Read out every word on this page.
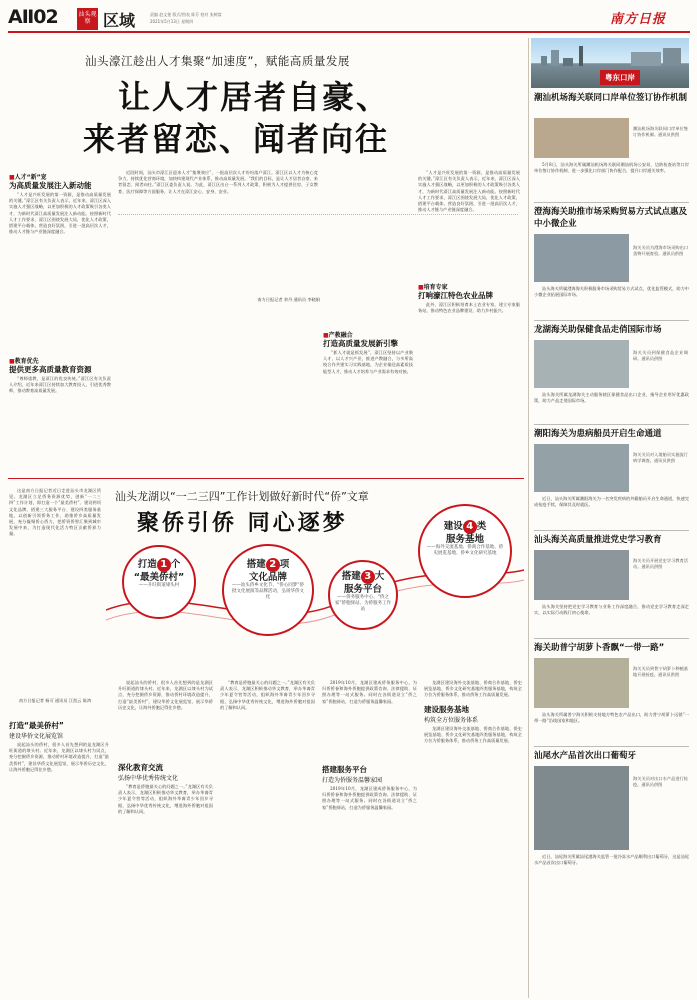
AⅡ02	汕头观察 区域	责编 赵文斐 版式/图表 陈芬 校对 张树富
2021年5月13日 星期四	南方日报
汕头濠江趁出人才集聚“加速度”，赋能高质量发展
让人才居者自豪、
来者留恋、闻者向往
■人才“新”宠
为高质量发展注入新动能

“人才是兴旺发展的第一资源，是推动高质量发展的关键。”濠江区有关负责人表示，近年来，濠江区深入实施人才强区战略，以更加积极的人才政策吸引各类人才，为新时代濠江高质量发展注入新动能。按照新时代人才工作要求，濠江区围绕发展大局，优化人才政策，搭建平台载体，营造良好氛围，引进一批高层次人才，推动人才链与产业链深度融合。

■教育优先
提供更多高质量教育资源

“尊师重教，是濠江的优良传统。”濠江区有关负责人介绍，近年来濠江区持续加大教育投入，引进优秀教师，推动教育高质量发展。

近段时间，汕头市濠江区迎来人才“集聚效应”，一批高层次人才纷纷落户濠江。濠江区以人才为核心竞争力，持续优化营商环境，加快构建现代产业体系，推动高质量发展。“我们的目标，是让人才居者自豪、来者留恋、闻者向往。”濠江区委负责人说。为此，濠江区出台一系列人才政策，积极为人才提供住房、子女教育、医疗保障等方面服务，让人才在濠江安心、安身、安业。

南方日报记者 余丹 通讯员 李晓娟
■产教融合
打造高质量发展新引擎

“抓人才就是抓发展”，濠江区坚持以产业聚人才、以人才兴产业，推进产教融合，与多所高校合作共建实习实践基地，为企业输送高素质技能型人才，推动人才培养与产业需求有效对接。

“人才是兴旺发展的第一资源，是推动高质量发展的关键。”濠江区有关负责人表示，近年来，濠江区深入实施人才强区战略，以更加积极的人才政策吸引各类人才，为新时代濠江高质量发展注入新动能。按照新时代人才工作要求，濠江区围绕发展大局，优化人才政策，搭建平台载体，营造良好氛围，引进一批高层次人才，推动人才链与产业链深度融合。

■培育专家
打响濠江特色农业品牌

此外，濠江区积极培育本土农业专家，建立专家服务站，推动特色农业品牌建设，助力乡村振兴。

这是南方日报记者近日走进汕头市龙湖区所见。龙湖区立足侨务资源优势，创新“一二三四”工作计划，即打造一个“最美侨村”、建设两项文化品牌、搭建三大服务平台、建设四类服务基地，以创新引领侨务工作，助推侨乡高质量发展，充分凝聚侨心侨力，把侨资侨智汇聚到城市发展中来，为打造现代化活力特区贡献侨界力量。

南方日报记者 杨可 通讯员 江凯云 陈鸿
汕头龙湖以“一二三四”工作计划做好新时代“侨”文章
聚侨引侨 同心逐梦
打造 1 个
“最美侨村”
——升旺街道埭头村
搭建 2 项
文化品牌
——汕头侨乡文化节、“侨心同梦”侨批文化展演等品牌活动，弘扬华侨文化
搭建 3 大
服务平台
——侨务服务中心、“侨之家”侨胞驿站、为侨服务工作站
建设 4 类
服务基地
——海外交流基地、侨商合作基地、侨史展览基地、侨乡文化研究基地
打造“最美侨村”
建设华侨文化展览馆

说起汕头的侨村，很多人首先想到的是龙湖区升旺街道的埭头村。近年来，龙湖区以埭头村为试点，充分挖掘侨乡资源，推动侨村环境改造提升，打造“最美侨村”，建设华侨文化展览馆，展示华侨历史文化，让海外侨胞记得住乡愁。

说起汕头的侨村，很多人首先想到的是龙湖区升旺街道的埭头村。近年来，龙湖区以埭头村为试点，充分挖掘侨乡资源，推动侨村环境改造提升，打造“最美侨村”，建设华侨文化展览馆，展示华侨历史文化，让海外侨胞记得住乡愁。

深化教育交流
弘扬中华优秀传统文化

“教育是侨胞最关心的问题之一。”龙湖区有关负责人表示，龙湖区积极推动华文教育，举办华裔青少年夏令营等活动，组织海外华裔青少年回乡寻根，弘扬中华优秀传统文化，增进海外侨胞对祖国的了解和认同。

“教育是侨胞最关心的问题之一。”龙湖区有关负责人表示，龙湖区积极推动华文教育，举办华裔青少年夏令营等活动，组织海外华裔青少年回乡寻根，弘扬中华优秀传统文化，增进海外侨胞对祖国的了解和认同。

2019年10月，龙湖区建成侨务服务中心，为归侨侨眷和海外侨胞提供政策咨询、法律援助、证照办理等一站式服务。同时在各街道设立“侨之家”侨胞驿站，打造为侨服务温馨家园。

搭建服务平台
打造为侨服务温馨家园

2019年10月，龙湖区建成侨务服务中心，为归侨侨眷和海外侨胞提供政策咨询、法律援助、证照办理等一站式服务。同时在各街道设立“侨之家”侨胞驿站，打造为侨服务温馨家园。

龙湖区建设海外交流基地、侨商合作基地、侨史展览基地、侨乡文化研究基地四类服务基地，构筑全方位为侨服务体系，推动侨务工作高质量发展。

建设服务基地
构筑全方位服务体系

龙湖区建设海外交流基地、侨商合作基地、侨史展览基地、侨乡文化研究基地四类服务基地，构筑全方位为侨服务体系，推动侨务工作高质量发展。

粤东口岸
潮汕机场海关联同口岸单位签订协作机制
潮汕机场海关联同口岸单位签订协作机制。通讯员供图

5月8日，汕头海关所属潮汕机场海关联同潮汕机场公安局、边防检查站等口岸单位签订协作机制，进一步强化口岸部门协作配合，提升口岸通关效率。

澄海海关助推市场采购贸易方式试点惠及中小微企业
海关关员为澄海市场采购出口货物开展查验。通讯员供图

汕头海关所属澄海海关积极服务市场采购贸易方式试点，优化监管模式，助力中小微企业拓展国际市场。

龙湖海关助保健食品走俏国际市场
海关关员到保健食品企业调研。通讯员供图

汕头海关所属龙湖海关主动服务辖区保健食品出口企业，指导企业用好优惠政策，助力产品走俏国际市场。

潮阳海关为患病船员开启生命通道
海关关员对入境船员实施流行病学调查。通讯员供图

近日，汕头海关所属潮阳海关为一名突发疾病的外籍船员开启生命通道，快速完成检疫手续，保障其及时就医。

汕头海关高质量推进党史学习教育
海关关员开展党史学习教育活动。通讯员供图

汕头海关坚持把党史学习教育与业务工作深度融合，推动党史学习教育走深走实，以实际行动践行初心使命。

海关助普宁胡萝卜香飘“一带一路”
海关关员到普宁胡萝卜种植基地开展检疫。通讯员供图

汕头海关所属普宁海关积极支持地方特色农产品出口，助力普宁胡萝卜远销“一带一路”沿线国家和地区。

汕尾水产品首次出口葡萄牙
海关关员对出口水产品进行检疫。通讯员供图

近日，汕尾海关所属汕尾港海关监管一批冷冻水产品顺利出口葡萄牙，这是汕尾水产品首次出口葡萄牙。
